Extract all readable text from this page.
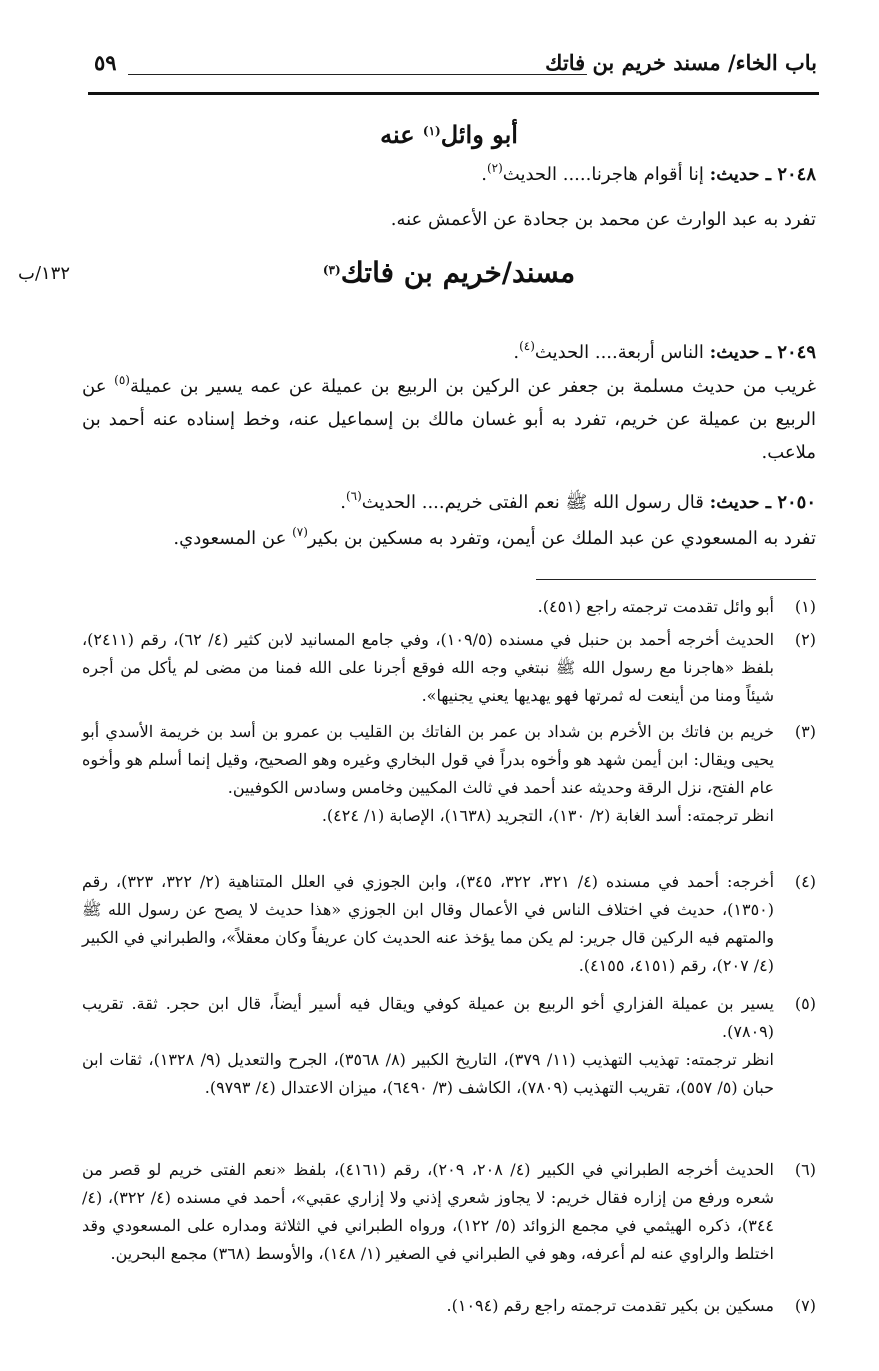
باب الخاء/ مسند خريم بن فاتك
٥٩
أبو وائل$^{(١)}$ عنه
٢٠٤٨ ـ حديث: إنا أقوام هاجرنا..... الحديث$^{(٢)}$.
تفرد به عبد الوارث عن محمد بن جحادة عن الأعمش عنه.
مسند/خريم بن فاتك$^{(٣)}$
١٣٢/ب
٢٠٤٩ ـ حديث: الناس أربعة.... الحديث$^{(٤)}$.
غريب من حديث مسلمة بن جعفر عن الركين بن الربيع بن عميلة عن عمه يسير بن عميلة$^{(٥)}$ عن الربيع بن عميلة عن خريم، تفرد به أبو غسان مالك بن إسماعيل عنه، وخط إسناده عنه أحمد بن ملاعب.
٢٠٥٠ ـ حديث: قال رسول الله ﷺ نعم الفتى خريم.... الحديث$^{(٦)}$.
تفرد به المسعودي عن عبد الملك عن أيمن، وتفرد به مسكين بن بكير$^{(٧)}$ عن المسعودي.
(١)
أبو وائل تقدمت ترجمته راجع (٤٥١).
(٢)
الحديث أخرجه أحمد بن حنبل في مسنده (١٠٩/٥)، وفي جامع المسانيد لابن كثير (٤/ ٦٢)، رقم (٢٤١١)، بلفظ «هاجرنا مع رسول الله ﷺ نبتغي وجه الله فوقع أجرنا على الله فمنا من مضى لم يأكل من أجره شيئاً ومنا من أينعت له ثمرتها فهو يهديها يعني يجنيها».
(٣)
خريم بن فاتك بن الأخرم بن شداد بن عمر بن الفاتك بن القليب بن عمرو بن أسد بن خريمة الأسدي أبو يحيى ويقال: ابن أيمن شهد هو وأخوه بدراً في قول البخاري وغيره وهو الصحيح، وقيل إنما أسلم هو وأخوه عام الفتح، نزل الرقة وحديثه عند أحمد في ثالث المكيين وخامس وسادس الكوفيين.
انظر ترجمته: أسد الغابة (٢/ ١٣٠)، التجريد (١٦٣٨)، الإصابة (١/ ٤٢٤).
(٤)
أخرجه: أحمد في مسنده (٤/ ٣٢١، ٣٢٢، ٣٤٥)، وابن الجوزي في العلل المتناهية (٢/ ٣٢٢، ٣٢٣)، رقم (١٣٥٠)، حديث في اختلاف الناس في الأعمال وقال ابن الجوزي «هذا حديث لا يصح عن رسول الله ﷺ والمتهم فيه الركين قال جرير: لم يكن مما يؤخذ عنه الحديث كان عريفاً وكان معقلاً»، والطبراني في الكبير (٤/ ٢٠٧)، رقم (٤١٥١، ٤١٥٥).
(٥)
يسير بن عميلة الفزاري أخو الربيع بن عميلة كوفي ويقال فيه أسير أيضاً، قال ابن حجر. ثقة. تقريب (٧٨٠٩).
انظر ترجمته: تهذيب التهذيب (١١/ ٣٧٩)، التاريخ الكبير (٨/ ٣٥٦٨)، الجرح والتعديل (٩/ ١٣٢٨)، ثقات ابن حبان (٥/ ٥٥٧)، تقريب التهذيب (٧٨٠٩)، الكاشف (٣/ ٦٤٩٠)، ميزان الاعتدال (٤/ ٩٧٩٣).
(٦)
الحديث أخرجه الطبراني في الكبير (٤/ ٢٠٨، ٢٠٩)، رقم (٤١٦١)، بلفظ «نعم الفتى خريم لو قصر من شعره ورفع من إزاره فقال خريم: لا يجاوز شعري إذني ولا إزاري عقبي»، أحمد في مسنده (٤/ ٣٢٢)، (٤/ ٣٤٤)، ذكره الهيثمي في مجمع الزوائد (٥/ ١٢٢)، ورواه الطبراني في الثلاثة ومداره على المسعودي وقد اختلط والراوي عنه لم أعرفه، وهو في الطبراني في الصغير (١/ ١٤٨)، والأوسط (٣٦٨) مجمع البحرين.
(٧)
مسكين بن بكير تقدمت ترجمته راجع رقم (١٠٩٤).
